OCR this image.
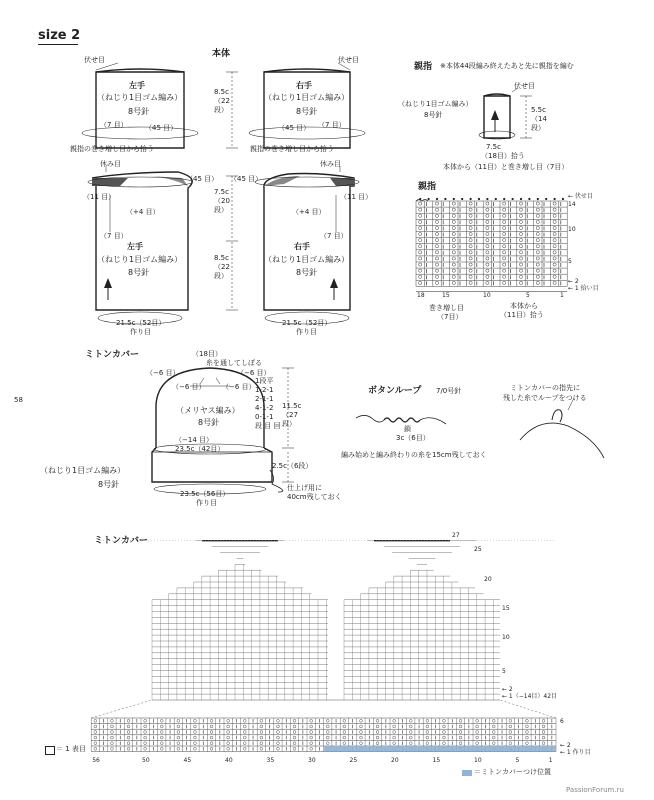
size 2
58
PassionForum.ru
本体
伏せ目	伏せ目
左手
（ねじり1目ゴム編み）
8号針
（7 目） （45 目）
右手
（ねじり1目ゴム編み）
8号針
（45 目） （7 目）
親指の巻き増し目から拾う	親指の巻き増し目から拾う
休み目	休み目
（45 目） （45 目）
（11 目）	（11 目）
（+4 目）	（+4 目）
（7 目）	（7 目）
左手
（ねじり1目ゴム編み）
8号針
右手
（ねじり1目ゴム編み）
8号針
8.5c（22段）
7.5c（20段）
8.5c（22段）
21.5c（52目）
作り目
21.5c（52目）
作り目
親指 ※本体44段編み終えたあと先に親指を編む
伏せ目
（ねじり1目ゴム編み）
8号針
5.5c（14段）
7.5c
（18目）拾う
本体から（11目）と巻き増し目（7目）
親指
← 伏せ目
14
10
5
← 2
← 1 拾い目
18	15	10	5	1
巻き増し目
（7目）
本体から
（11目）拾う
ミトンカバー	（18目）
糸を通してしぼる
（−6 目）	（−6 目）
（−6 目） （−6 目）
1段平
1-2-1
2-1-1
4-1-2
0-1-1
段 目 回
（メリヤス編み）
8号針
（−14 目）
23.5c（42目）
11.5c（27段）
2.5c（6段）
（ねじり1目ゴム編み）
8号針
23.5c（56目）
作り目
仕上げ用に
40cm残しておく
ボタンループ 7/0号針
鎖
3c（6目）
編み始めと編み終わりの糸を15cm残しておく
ミトンカバーの指先に
残した糸でループをつける
ミトンカバー
27
25
20
15
10
5
← 2
← 1（−14目）42目
6
← 2
← 1 作り目
56	50	45	40	35	30	25	20	15	10	5	1
＝ 1 表目
＝ミトンカバーつけ位置
